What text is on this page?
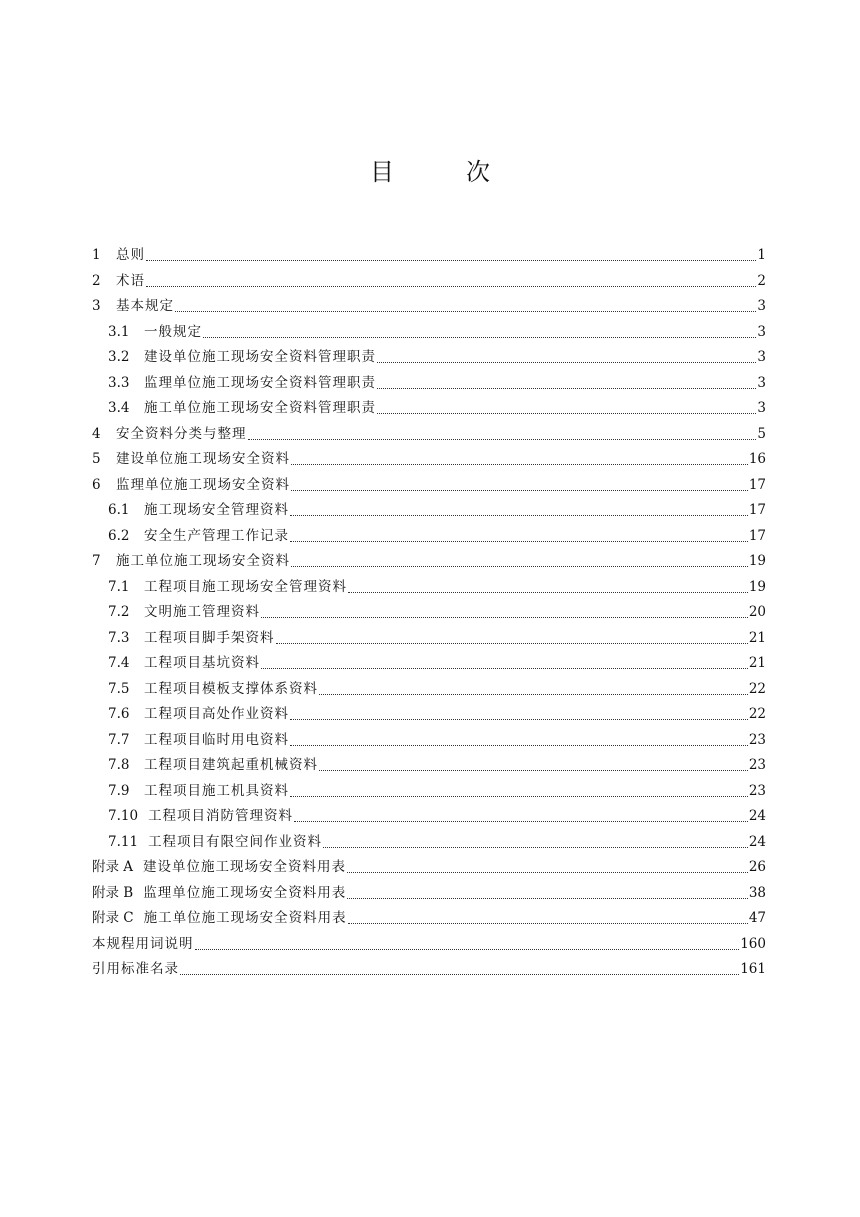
目　　　次
1	总则	1
2	术语	2
3	基本规定	3
3.1	一般规定	3
3.2	建设单位施工现场安全资料管理职责	3
3.3	监理单位施工现场安全资料管理职责	3
3.4	施工单位施工现场安全资料管理职责	3
4	安全资料分类与整理	5
5	建设单位施工现场安全资料	16
6	监理单位施工现场安全资料	17
6.1	施工现场安全管理资料	17
6.2	安全生产管理工作记录	17
7	施工单位施工现场安全资料	19
7.1	工程项目施工现场安全管理资料	19
7.2	文明施工管理资料	20
7.3	工程项目脚手架资料	21
7.4	工程项目基坑资料	21
7.5	工程项目模板支撑体系资料	22
7.6	工程项目高处作业资料	22
7.7	工程项目临时用电资料	23
7.8	工程项目建筑起重机械资料	23
7.9	工程项目施工机具资料	23
7.10 工程项目消防管理资料	24
7.11 工程项目有限空间作业资料	24
附录 A 建设单位施工现场安全资料用表	26
附录 B 监理单位施工现场安全资料用表	38
附录 C 施工单位施工现场安全资料用表	47
本规程用词说明	160
引用标准名录	161
